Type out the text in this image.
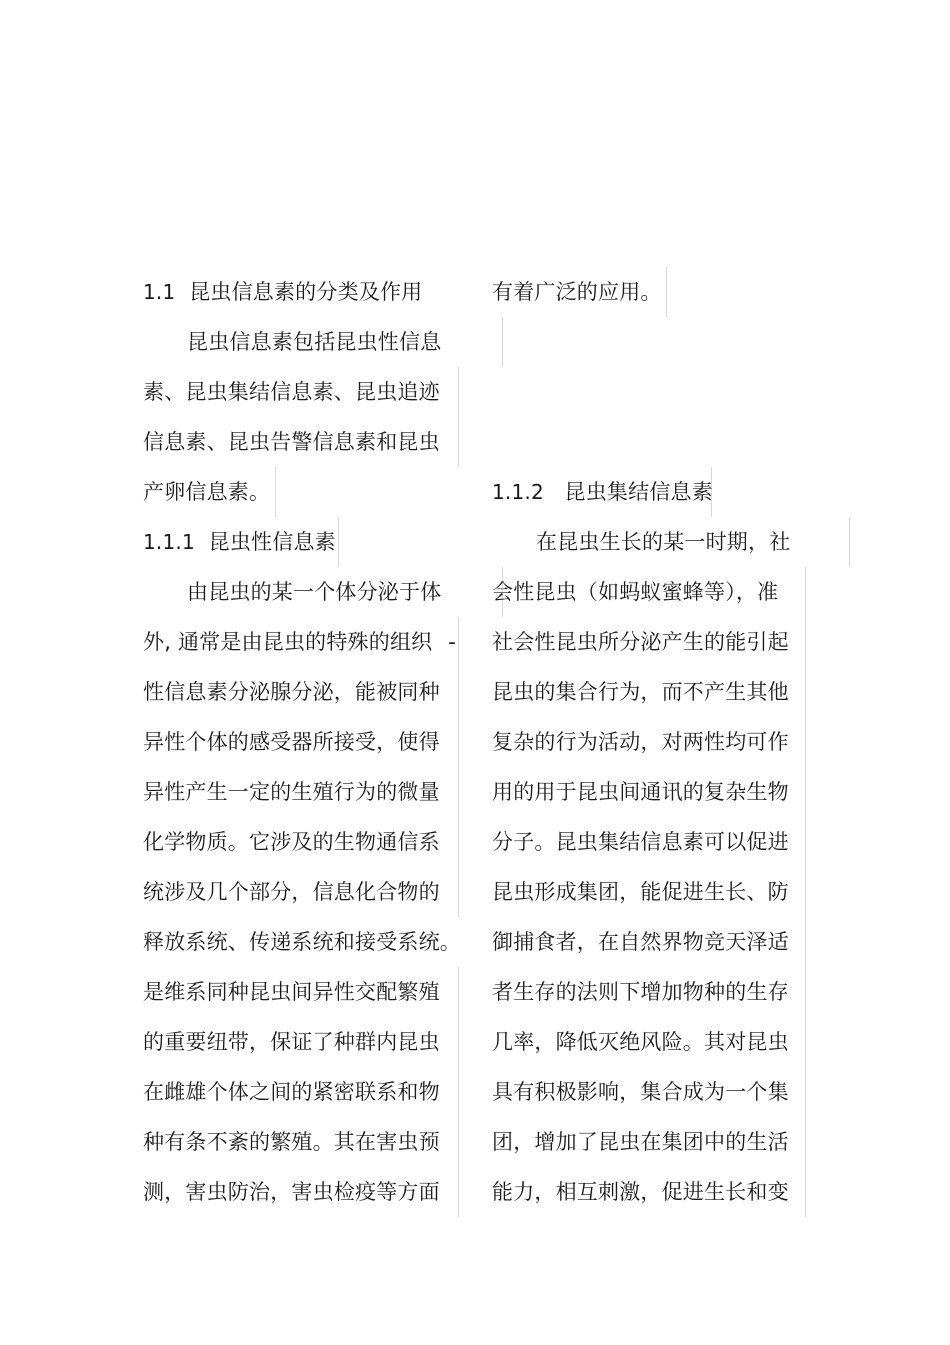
1.1 昆虫信息素的分类及作用
昆虫信息素包括昆虫性信息
素、昆虫集结信息素、昆虫追迹
信息素、昆虫告警信息素和昆虫
产卵信息素。
1.1.1 昆虫性信息素
由昆虫的某一个体分泌于体
外, 通常是由昆虫的特殊的组织 -
性信息素分泌腺分泌，能被同种
异性个体的感受器所接受，使得
异性产生一定的生殖行为的微量
化学物质。它涉及的生物通信系
统涉及几个部分，信息化合物的
释放系统、传递系统和接受系统。
是维系同种昆虫间异性交配繁殖
的重要纽带，保证了种群内昆虫
在雌雄个体之间的紧密联系和物
种有条不紊的繁殖。其在害虫预
测，害虫防治，害虫检疫等方面
有着广泛的应用。
1.1.2 昆虫集结信息素
在昆虫生长的某一时期，社
会性昆虫（如蚂蚁蜜蜂等），准
社会性昆虫所分泌产生的能引起
昆虫的集合行为，而不产生其他
复杂的行为活动，对两性均可作
用的用于昆虫间通讯的复杂生物
分子。昆虫集结信息素可以促进
昆虫形成集团，能促进生长、防
御捕食者，在自然界物竞天泽适
者生存的法则下增加物种的生存
几率，降低灭绝风险。其对昆虫
具有积极影响，集合成为一个集
团，增加了昆虫在集团中的生活
能力，相互刺激，促进生长和变
